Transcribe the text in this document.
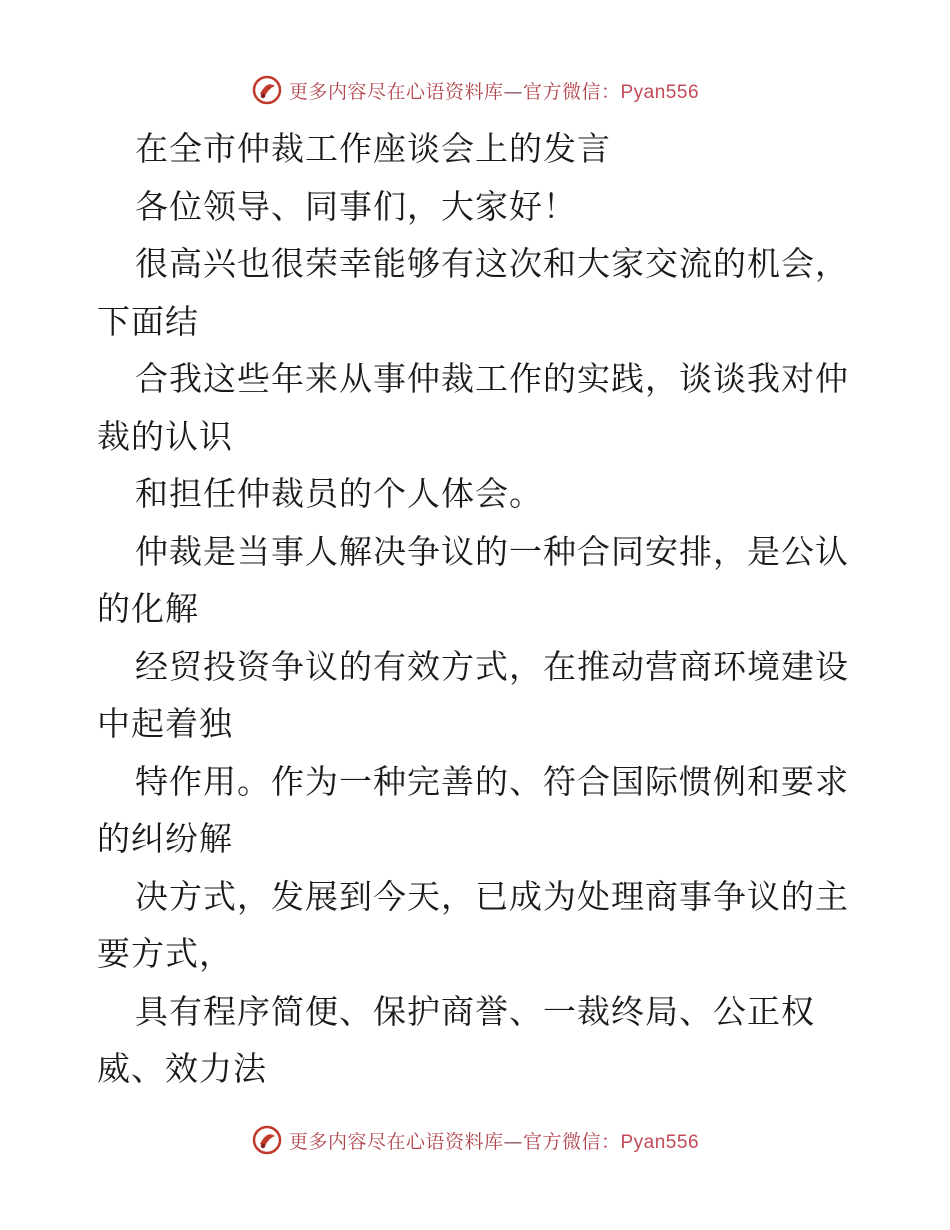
更多内容尽在心语资料库—官方微信：Pyan556
在全市仲裁工作座谈会上的发言
各位领导、同事们，大家好！
很高兴也很荣幸能够有这次和大家交流的机会，
下面结
合我这些年来从事仲裁工作的实践，谈谈我对仲
裁的认识
和担任仲裁员的个人体会。
仲裁是当事人解决争议的一种合同安排，是公认
的化解
经贸投资争议的有效方式，在推动营商环境建设
中起着独
特作用。作为一种完善的、符合国际惯例和要求
的纠纷解
决方式，发展到今天，已成为处理商事争议的主
要方式，
具有程序简便、保护商誉、一裁终局、公正权
威、效力法
更多内容尽在心语资料库—官方微信：Pyan556
